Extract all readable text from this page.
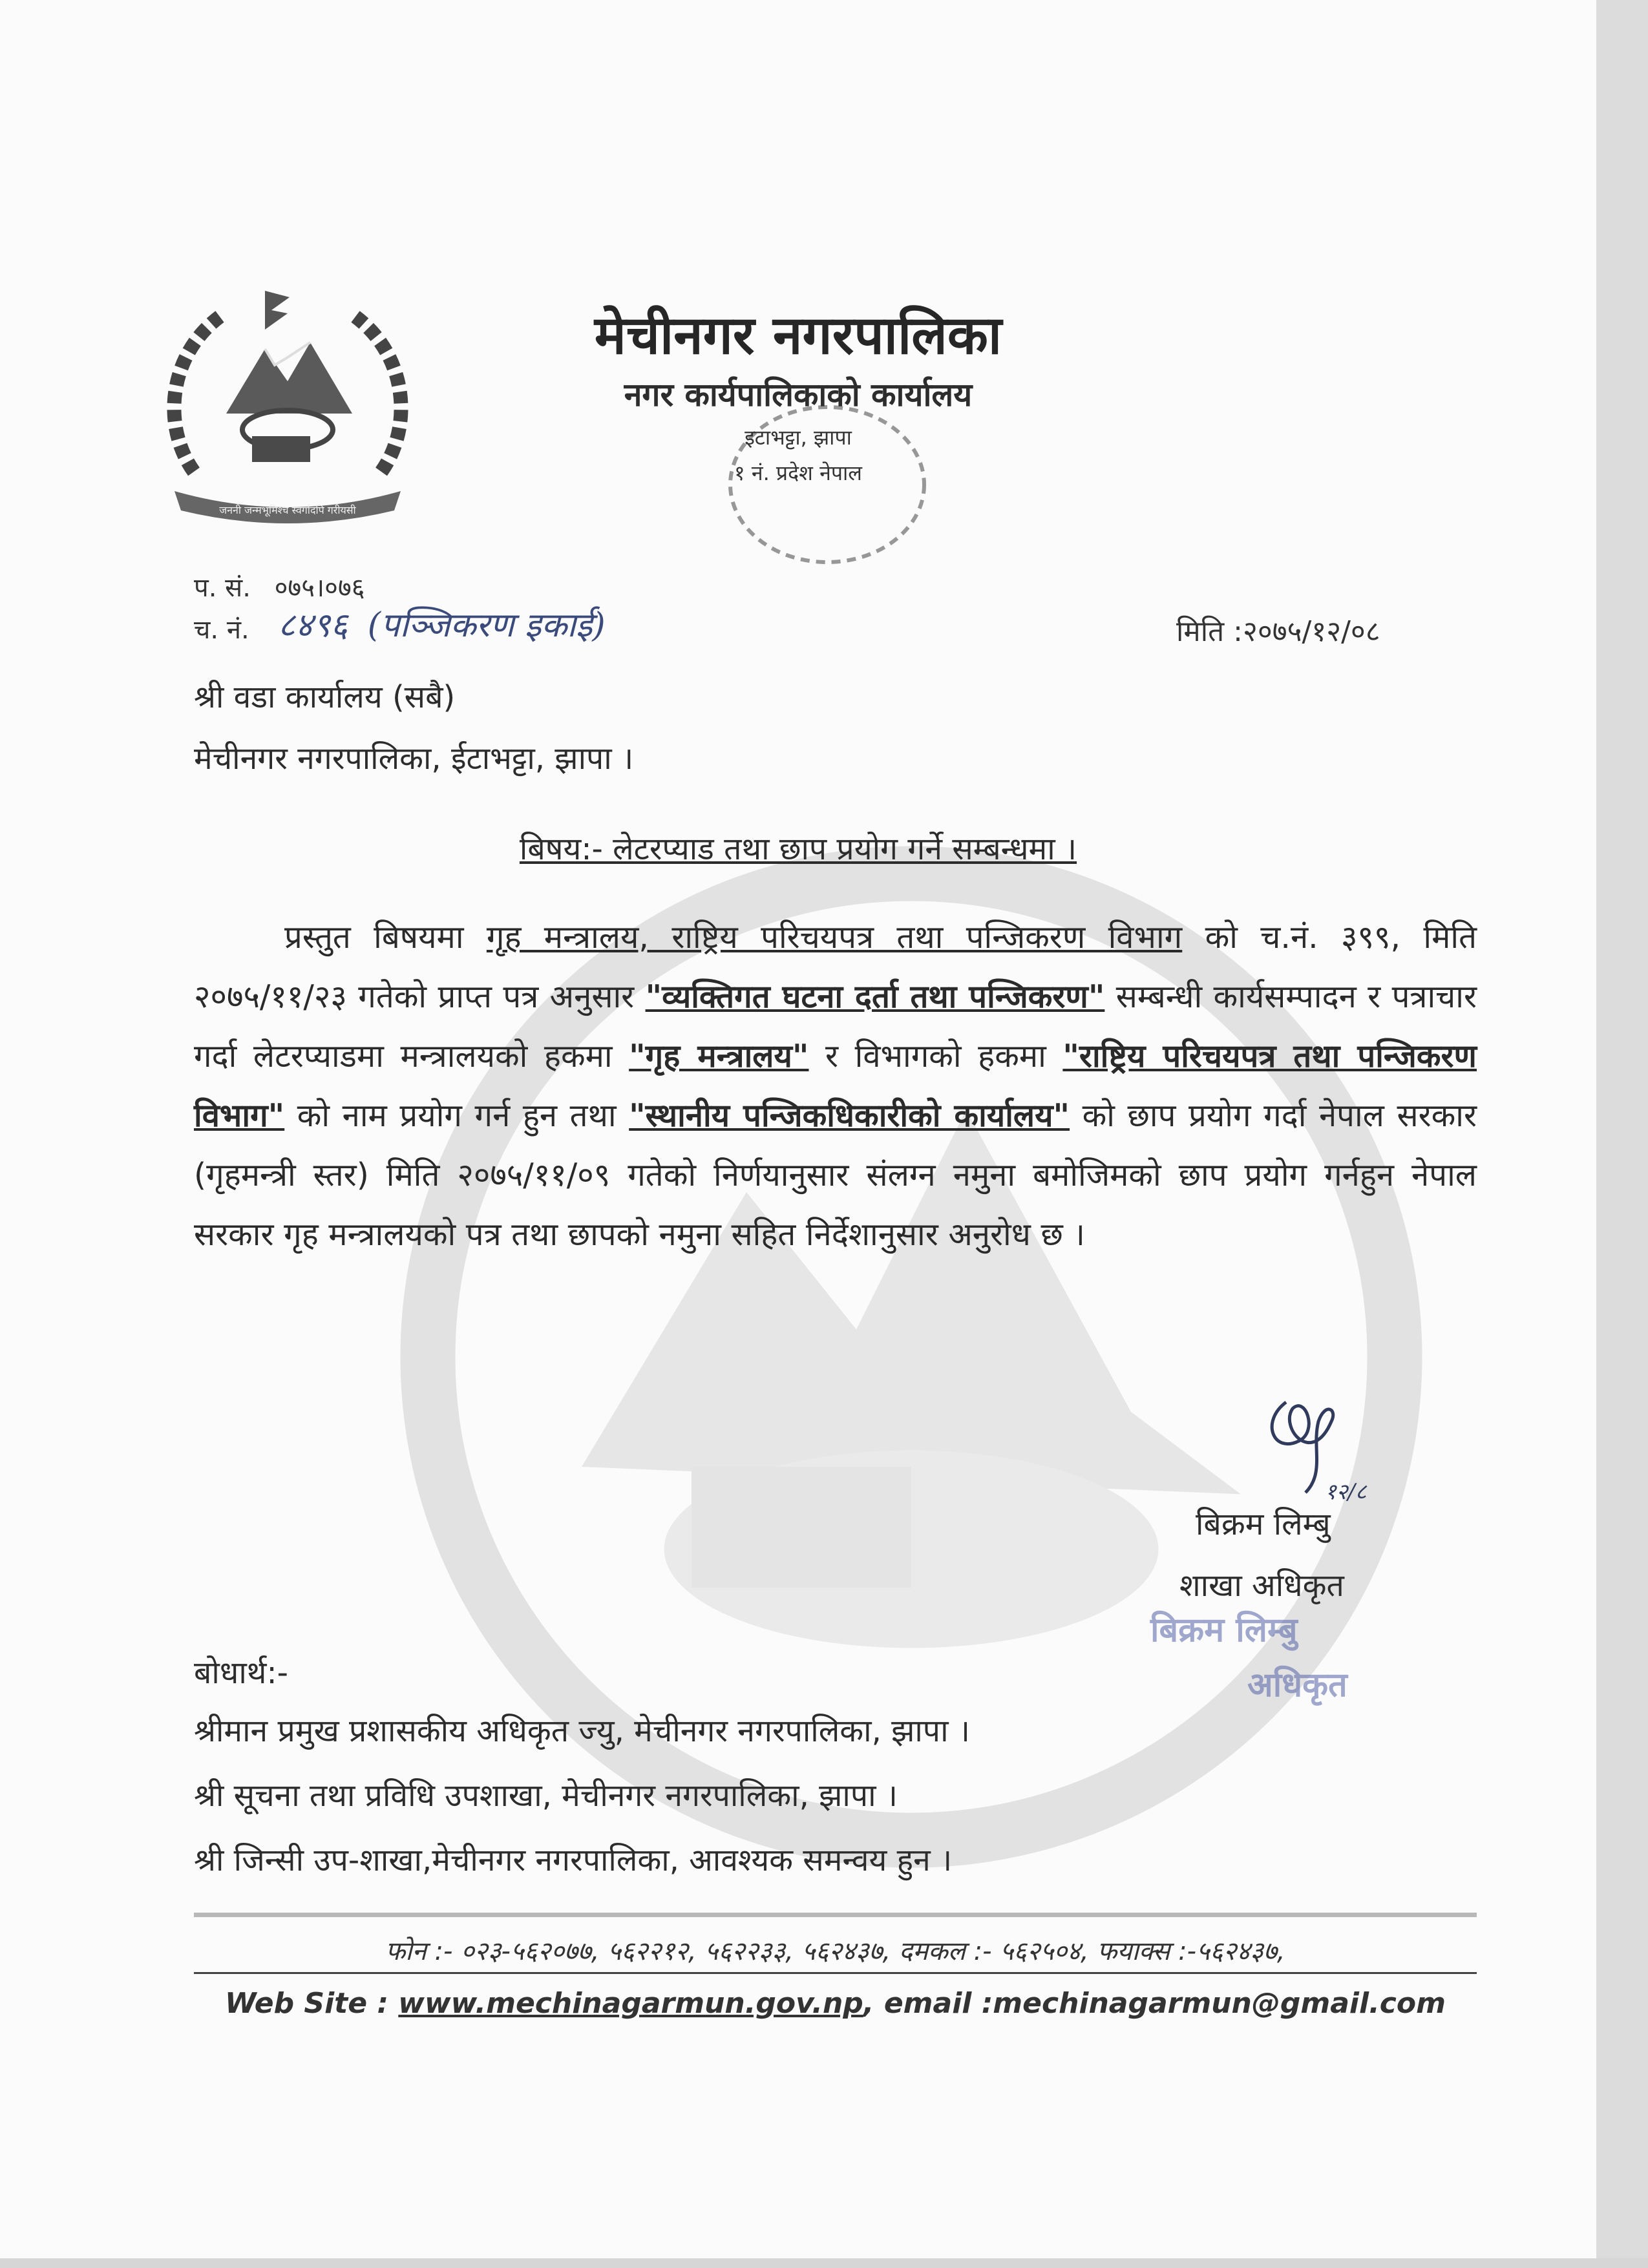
जननी जन्मभूमिश्च स्वर्गादपि गरीयसी
मेचीनगर नगरपालिका
नगर कार्यपालिकाको कार्यालय
इटाभट्टा, झापा
१ नं. प्रदेश नेपाल
प. सं. ०७५।०७६
च. नं. ८४९६ (पञ्जिकरण इकाई)	मिति :२०७५/१२/०८
श्री वडा कार्यालय (सबै)
मेचीनगर नगरपालिका, ईटाभट्टा, झापा ।
बिषय:- लेटरप्याड तथा छाप प्रयोग गर्ने सम्बन्धमा ।
प्रस्तुत बिषयमा गृह मन्त्रालय, राष्ट्रिय परिचयपत्र तथा पन्जिकरण विभाग को च.नं. ३९९, मिति २०७५/११/२३ गतेको प्राप्त पत्र अनुसार "व्यक्तिगत घटना दर्ता तथा पन्जिकरण" सम्बन्धी कार्यसम्पादन र पत्राचार गर्दा लेटरप्याडमा मन्त्रालयको हकमा "गृह मन्त्रालय" र विभागको हकमा "राष्ट्रिय परिचयपत्र तथा पन्जिकरण विभाग" को नाम प्रयोग गर्न हुन तथा "स्थानीय पन्जिकधिकारीको कार्यालय" को छाप प्रयोग गर्दा नेपाल सरकार (गृहमन्त्री स्तर) मिति २०७५/११/०९ गतेको निर्णयानुसार संलग्न नमुना बमोजिमको छाप प्रयोग गर्नहुन नेपाल सरकार गृह मन्त्रालयको पत्र तथा छापको नमुना सहित निर्देशानुसार अनुरोध छ ।
१२/८
बिक्रम लिम्बु
शाखा अधिकृत
बिक्रम लिम्बु
अधिकृत
बोधार्थ:-
श्रीमान प्रमुख प्रशासकीय अधिकृत ज्यु, मेचीनगर नगरपालिका, झापा ।
श्री सूचना तथा प्रविधि उपशाखा, मेचीनगर नगरपालिका, झापा ।
श्री जिन्सी उप-शाखा,मेचीनगर नगरपालिका, आवश्यक समन्वय हुन ।
फोन :- ०२३-५६२०७७, ५६२२१२, ५६२२३३, ५६२४३७, दमकल :- ५६२५०४, फयाक्स :-५६२४३७,
Web Site : www.mechinagarmun.gov.np, email :mechinagarmun@gmail.com
